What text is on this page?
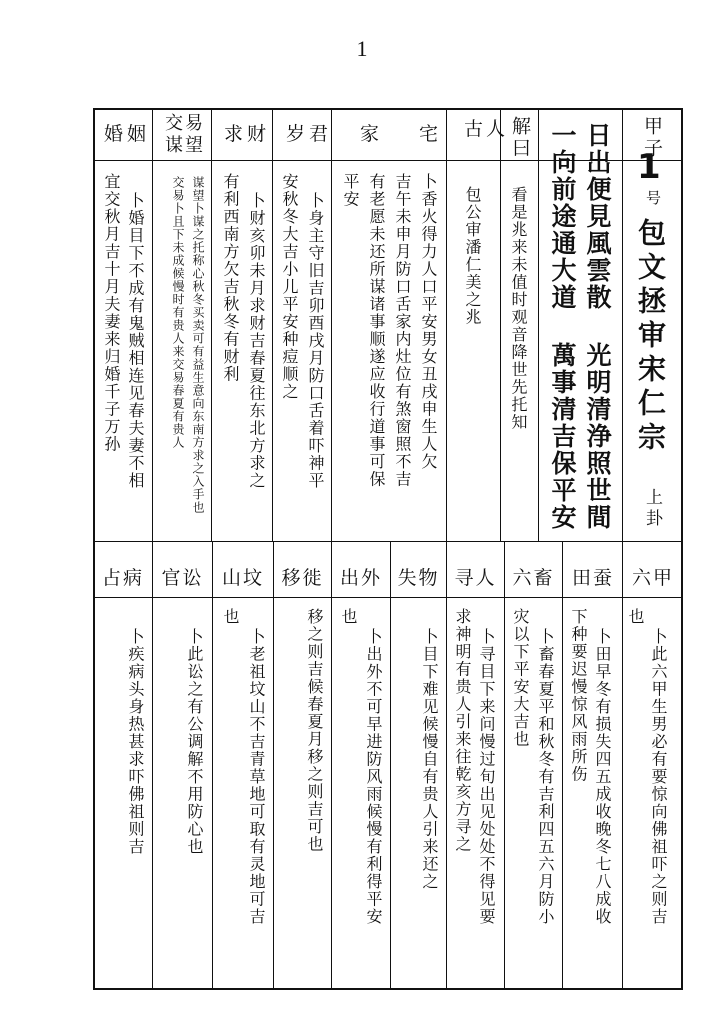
1
甲子
1
号
包文拯审宋仁宗
上卦
日出便見風雲散 光明清浄照世間
一向前途通大道 萬事清吉保平安
解曰
看是兆来未值时观音降世先托知
古人
包公审潘仁美之兆
家宅
卜香火得力人口平安男女丑戌申生人欠
吉午未申月防口舌家内灶位有煞窗照不吉
有老愿未还所谋诸事顺遂应收行道事可保
平安
岁君
卜身主守旧吉卯酉戌月防口舌着吓神平
安秋冬大吉小儿平安种痘顺之
求财
卜财亥卯未月求财吉春夏往东北方求之
有利西南方欠吉秋冬有财利
交易谋望
谋望卜谋之托称心秋冬买卖可有益生意向东南方求之入手也
交易卜且下未成候慢时有贵人来交易春夏有贵人
婚姻
卜婚目下不成有鬼贼相连见春夫妻不相
宜交秋月吉十月夫妻来归婚千子万孙
六甲
卜此六甲生男必有要惊向佛祖吓之则吉
也
田蚕
卜田早冬有损失四五成收晚冬七八成收
下种要迟慢惊风雨所伤
六畜
卜畜春夏平和秋冬有吉利四五六月防小
灾以下平安大吉也
寻人
卜寻目下来问慢过旬出见处处不得见要
求神明有贵人引来往乾亥方寻之
失物
卜目下难见候慢自有贵人引来还之
出外
卜出外不可早进防风雨候慢有利得平安
也
移徙
移之则吉候春夏月移之则吉可也
山坟
卜老祖坟山不吉青草地可取有灵地可吉
也
官讼
卜此讼之有公调解不用防心也
占病
卜疾病头身热甚求吓佛祖则吉
